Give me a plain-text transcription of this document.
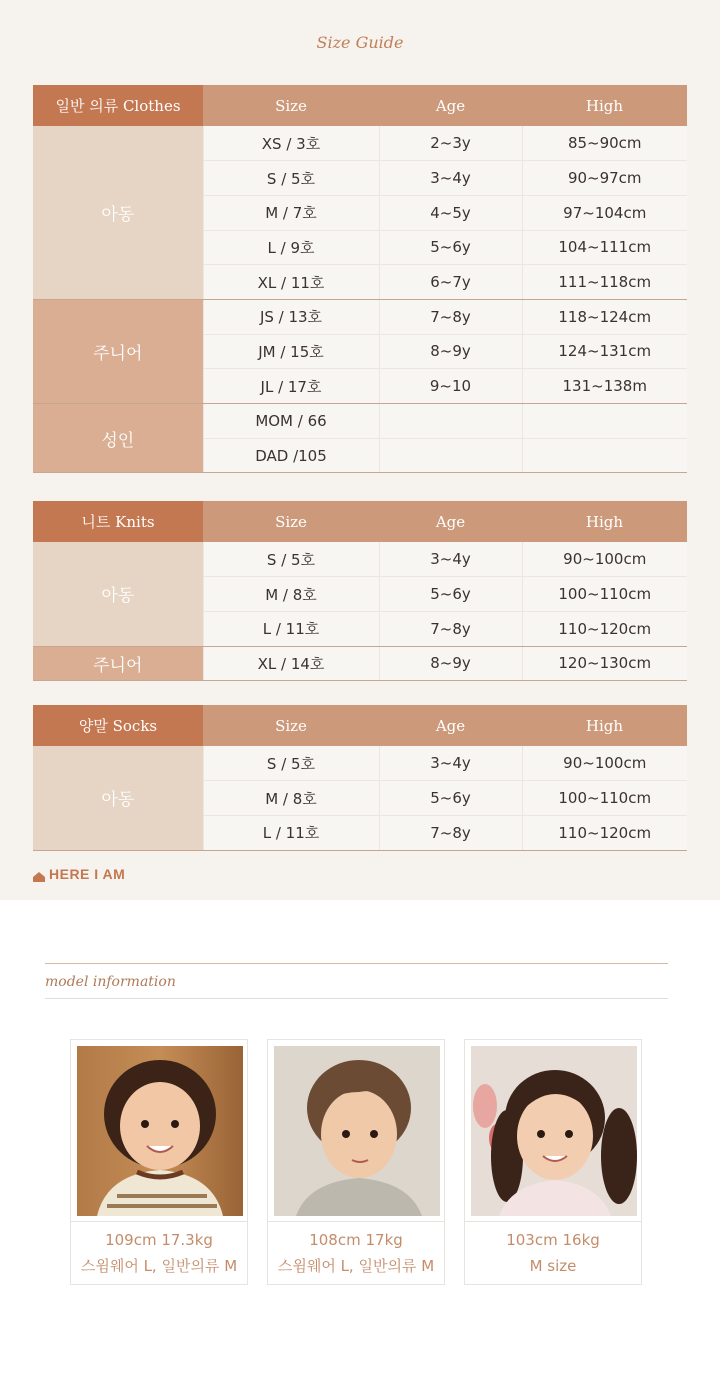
Size Guide
일반 의류 Clothes	Size	Age	High
아동	XS / 3호	2~3y	85~90cm
	S / 5호	3~4y	90~97cm
	M / 7호	4~5y	97~104cm
	L / 9호	5~6y	104~111cm
	XL / 11호	6~7y	111~118cm
주니어	JS / 13호	7~8y	118~124cm
	JM / 15호	8~9y	124~131cm
	JL / 17호	9~10	131~138m
성인	MOM / 66		
	DAD /105		
니트 Knits	Size	Age	High
아동	S / 5호	3~4y	90~100cm
	M / 8호	5~6y	100~110cm
	L / 11호	7~8y	110~120cm
주니어	XL / 14호	8~9y	120~130cm
양말 Socks	Size	Age	High
아동	S / 5호	3~4y	90~100cm
	M / 8호	5~6y	100~110cm
	L / 11호	7~8y	110~120cm
HERE I AM
model information
109cm 17.3kg
스윔웨어 L, 일반의류 M
108cm 17kg
스윔웨어 L, 일반의류 M
103cm 16kg
M size
